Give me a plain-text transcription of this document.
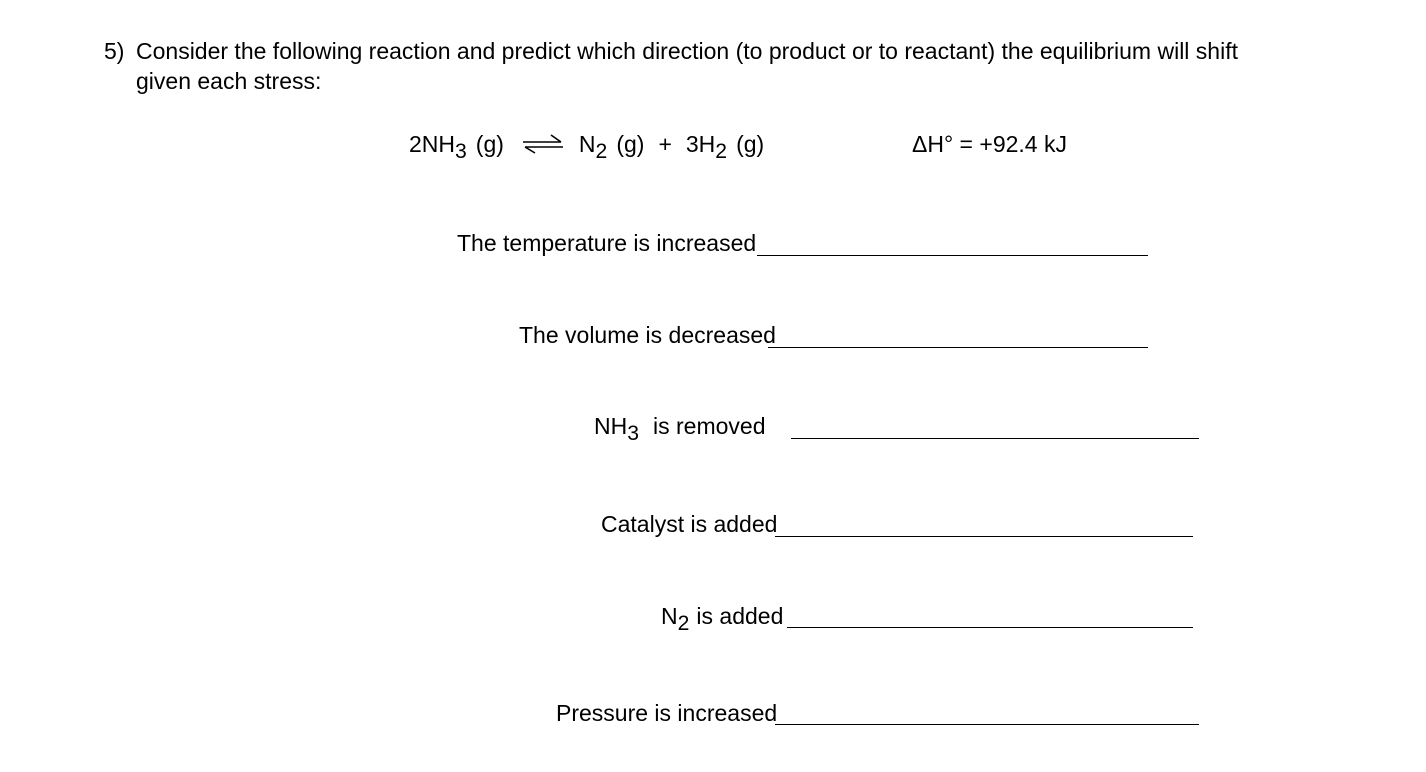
5) Consider the following reaction and predict which direction (to product or to reactant) the equilibrium will shift
given each stress:
2NH3 (g) ⇌ N2 (g) + 3H2 (g)	ΔH° = +92.4 kJ
The temperature is increased
The volume is decreased
NH3 is removed
Catalyst is added
N2 is added
Pressure is increased
